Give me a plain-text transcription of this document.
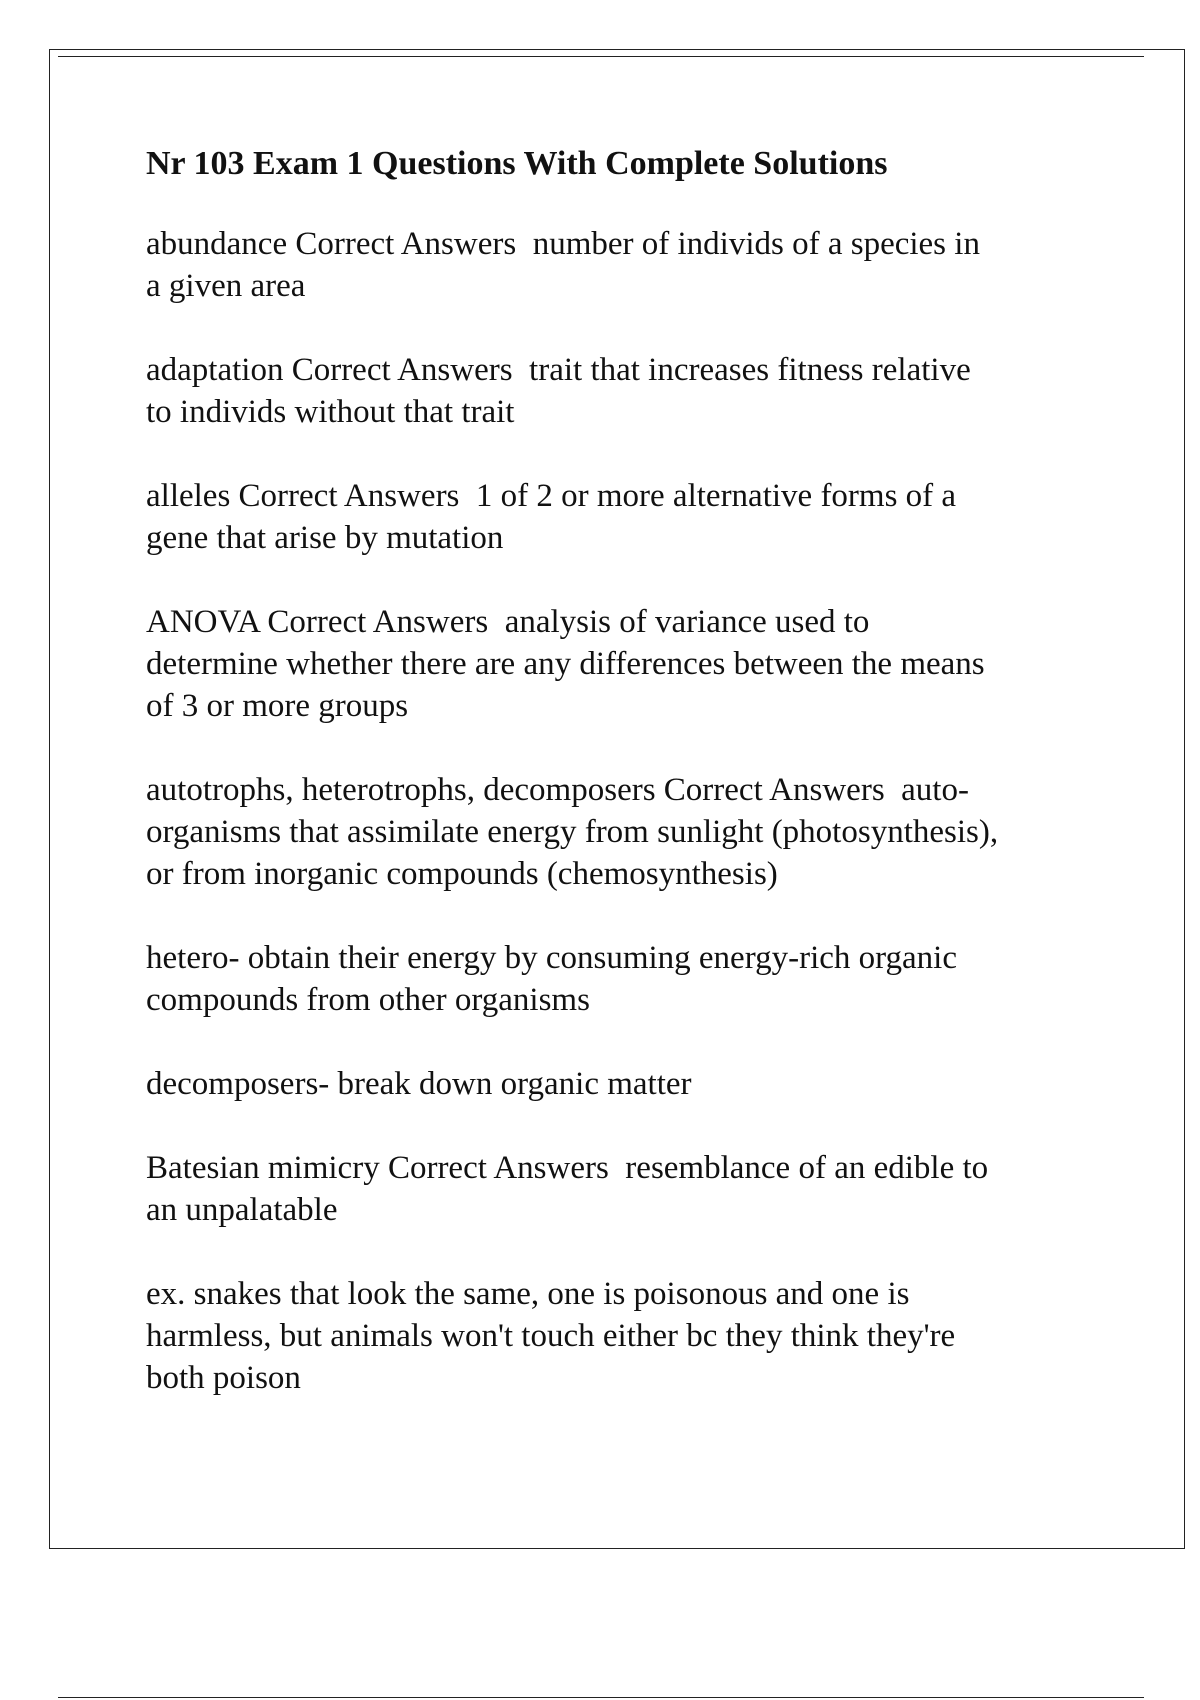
Nr 103 Exam 1 Questions With Complete Solutions
abundance Correct Answers  number of individs of a species in
a given area
adaptation Correct Answers  trait that increases fitness relative
to individs without that trait
alleles Correct Answers  1 of 2 or more alternative forms of a
gene that arise by mutation
ANOVA Correct Answers  analysis of variance used to
determine whether there are any differences between the means
of 3 or more groups
autotrophs, heterotrophs, decomposers Correct Answers  auto-
organisms that assimilate energy from sunlight (photosynthesis),
or from inorganic compounds (chemosynthesis)
hetero- obtain their energy by consuming energy-rich organic
compounds from other organisms
decomposers- break down organic matter
Batesian mimicry Correct Answers  resemblance of an edible to
an unpalatable
ex. snakes that look the same, one is poisonous and one is
harmless, but animals won't touch either bc they think they're
both poison
